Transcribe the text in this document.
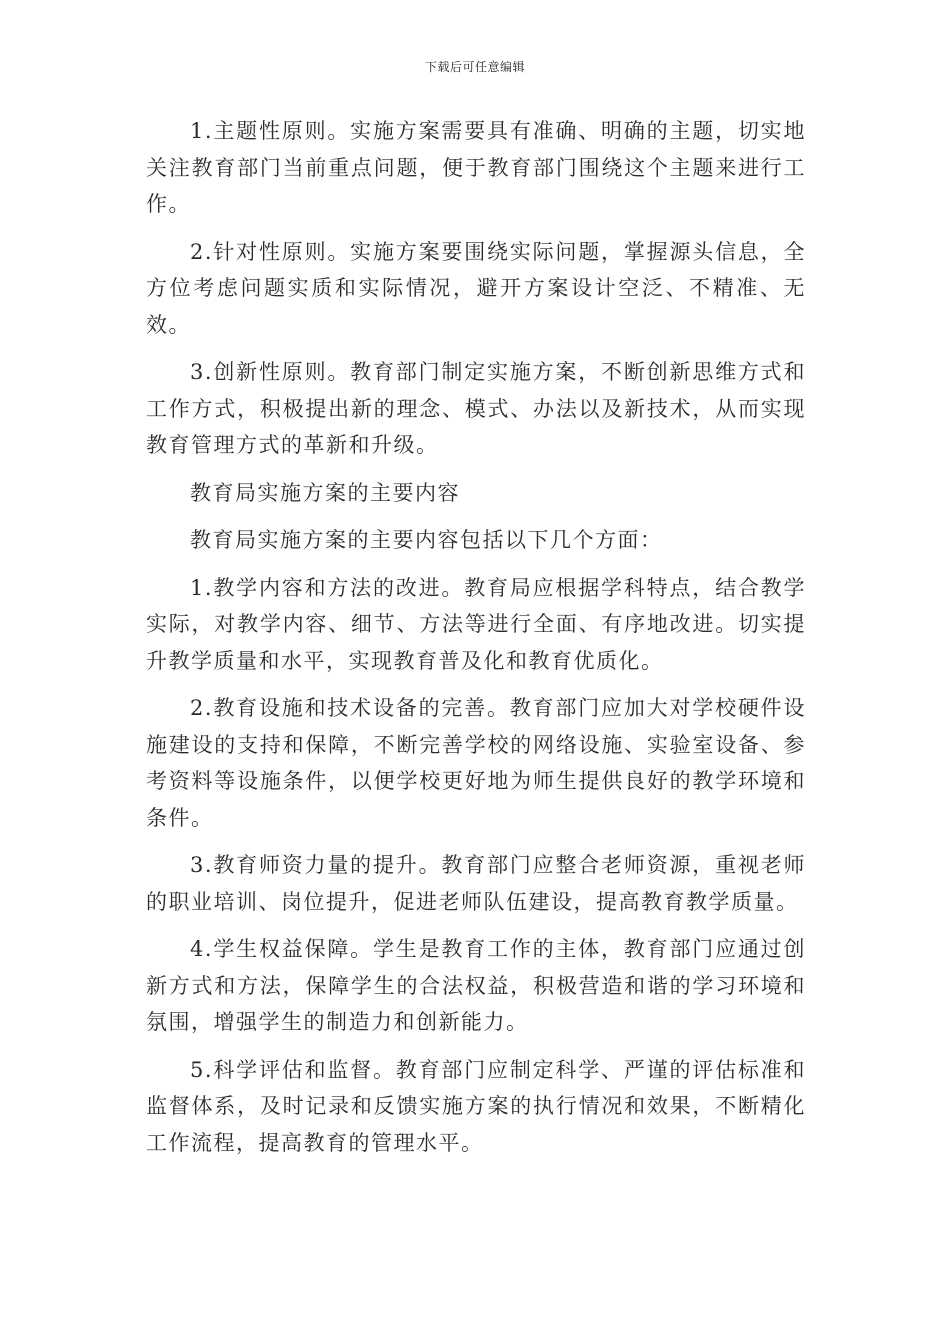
下载后可任意编辑

1.主题性原则。实施方案需要具有准确、明确的主题，切实地关注教育部门当前重点问题，便于教育部门围绕这个主题来进行工作。

2.针对性原则。实施方案要围绕实际问题，掌握源头信息，全方位考虑问题实质和实际情况，避开方案设计空泛、不精准、无效。

3.创新性原则。教育部门制定实施方案，不断创新思维方式和工作方式，积极提出新的理念、模式、办法以及新技术，从而实现教育管理方式的革新和升级。

教育局实施方案的主要内容

教育局实施方案的主要内容包括以下几个方面：

1.教学内容和方法的改进。教育局应根据学科特点，结合教学实际，对教学内容、细节、方法等进行全面、有序地改进。切实提升教学质量和水平，实现教育普及化和教育优质化。

2.教育设施和技术设备的完善。教育部门应加大对学校硬件设施建设的支持和保障，不断完善学校的网络设施、实验室设备、参考资料等设施条件，以便学校更好地为师生提供良好的教学环境和条件。

3.教育师资力量的提升。教育部门应整合老师资源，重视老师的职业培训、岗位提升，促进老师队伍建设，提高教育教学质量。

4.学生权益保障。学生是教育工作的主体，教育部门应通过创新方式和方法，保障学生的合法权益，积极营造和谐的学习环境和氛围，增强学生的制造力和创新能力。

5.科学评估和监督。教育部门应制定科学、严谨的评估标准和监督体系，及时记录和反馈实施方案的执行情况和效果，不断精化工作流程，提高教育的管理水平。
